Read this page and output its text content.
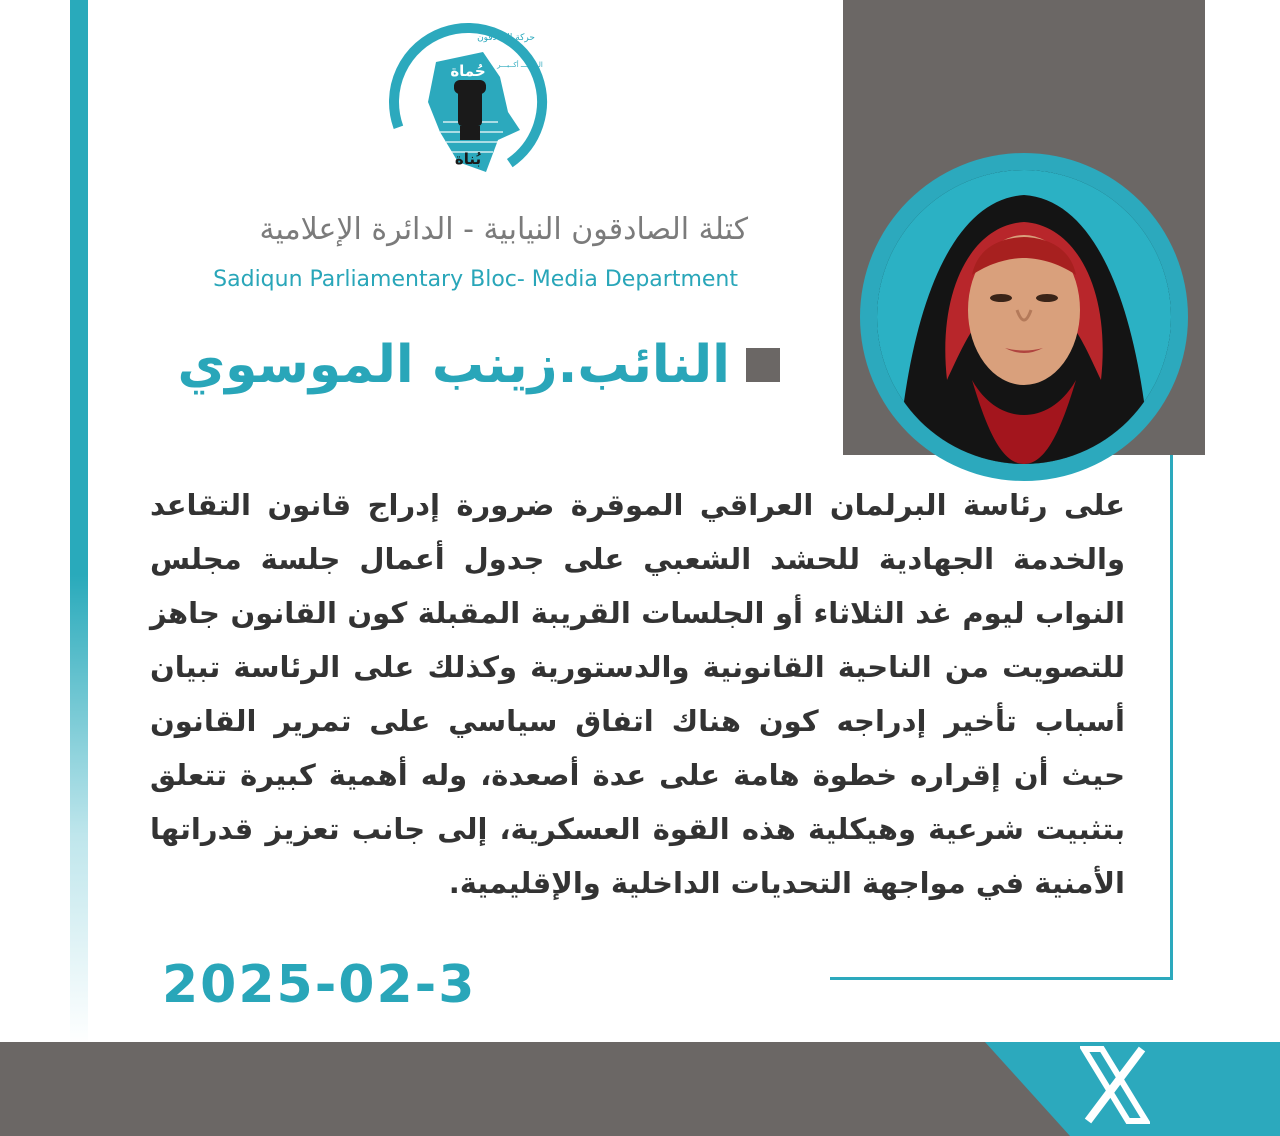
حُماة
بُناة
حركة الصادقون
الـــلهـــ أكــبـــر
كتلة الصادقون النيابية - الدائرة الإعلامية
Sadiqun Parliamentary Bloc- Media Department
النائب.زينب الموسوي

على رئاسة البرلمان العراقي الموقرة ضرورة إدراج قانون التقاعد والخدمة الجهادية للحشد الشعبي على جدول أعمال جلسة مجلس النواب ليوم غد الثلاثاء أو الجلسات القريبة المقبلة كون القانون جاهز للتصويت من الناحية القانونية والدستورية وكذلك على الرئاسة تبيان أسباب تأخير إدراجه كون هناك اتفاق سياسي على تمرير القانون حيث أن إقراره خطوة هامة على عدة أصعدة، وله أهمية كبيرة تتعلق بتثبيت شرعية وهيكلية هذه القوة العسكرية، إلى جانب تعزيز قدراتها الأمنية في مواجهة التحديات الداخلية والإقليمية.

2025-02-3
